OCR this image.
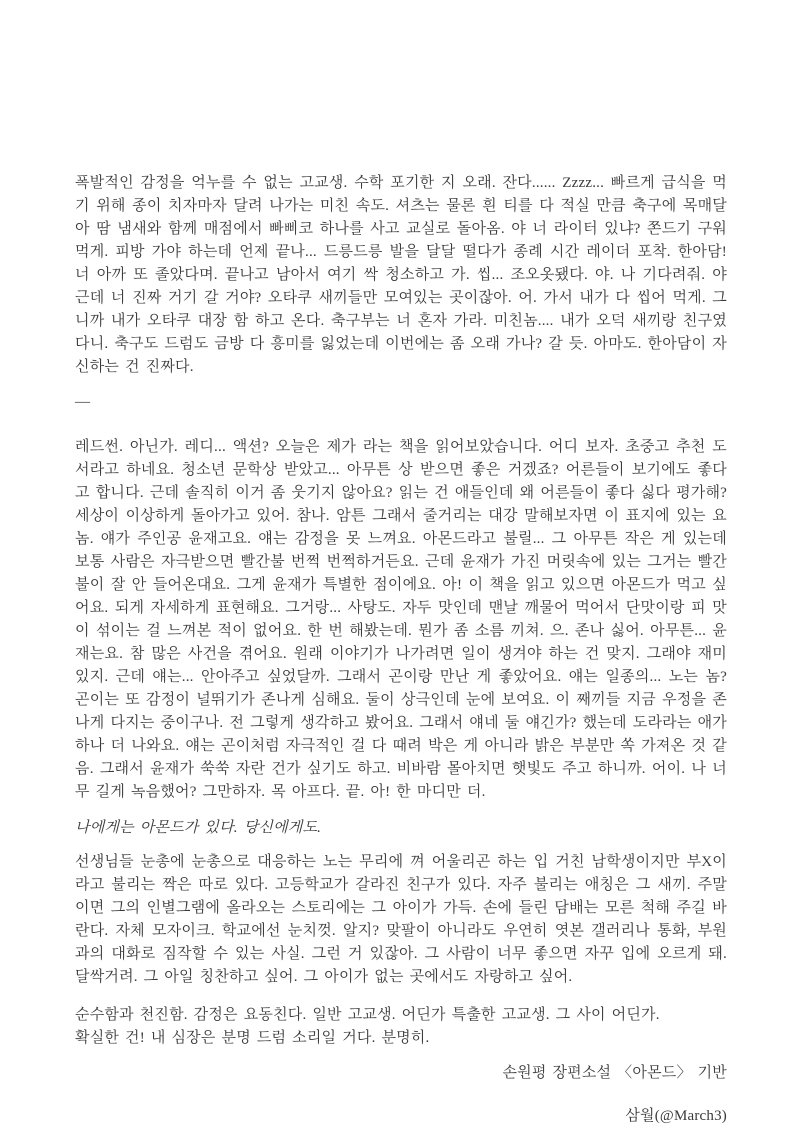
폭발적인 감정을 억누를 수 없는 고교생. 수학 포기한 지 오래. 잔다...... Zzzz... 빠르게 급식을 먹기 위해 종이 치자마자 달려 나가는 미친 속도. 셔츠는 물론 흰 티를 다 적실 만큼 축구에 목매달아 땀 냄새와 함께 매점에서 빠삐코 하나를 사고 교실로 돌아옴. 야 너 라이터 있냐? 쫀드기 구워 먹게. 피방 가야 하는데 언제 끝나... 드릉드릉 발을 달달 떨다가 종례 시간 레이더 포착. 한아담! 너 아까 또 졸았다며. 끝나고 남아서 여기 싹 청소하고 가. 씹... 조오옷됐다. 야. 나 기다려줘. 야 근데 너 진짜 거기 갈 거야? 오타쿠 새끼들만 모여있는 곳이잖아. 어. 가서 내가 다 씹어 먹게. 그니까 내가 오타쿠 대장 함 하고 온다. 축구부는 너 혼자 가라. 미친놈.... 내가 오덕 새끼랑 친구였다니. 축구도 드럼도 금방 다 흥미를 잃었는데 이번에는 좀 오래 가나? 갈 듯. 아마도. 한아담이 자신하는 건 진짜다.

—

레드썬. 아닌가. 레디... 액션? 오늘은 제가 라는 책을 읽어보았습니다. 어디 보자. 초중고 추천 도서라고 하네요. 청소년 문학상 받았고... 아무튼 상 받으면 좋은 거겠죠? 어른들이 보기에도 좋다고 합니다. 근데 솔직히 이거 좀 웃기지 않아요? 읽는 건 애들인데 왜 어른들이 좋다 싫다 평가해? 세상이 이상하게 돌아가고 있어. 참나. 암튼 그래서 줄거리는 대강 말해보자면 이 표지에 있는 요놈. 얘가 주인공 윤재고요. 얘는 감정을 못 느껴요. 아몬드라고 불릴... 그 아무튼 작은 게 있는데 보통 사람은 자극받으면 빨간불 번쩍 번쩍하거든요. 근데 윤재가 가진 머릿속에 있는 그거는 빨간불이 잘 안 들어온대요. 그게 윤재가 특별한 점이에요. 아! 이 책을 읽고 있으면 아몬드가 먹고 싶어요. 되게 자세하게 표현해요. 그거랑... 사탕도. 자두 맛인데 맨날 깨물어 먹어서 단맛이랑 피 맛이 섞이는 걸 느껴본 적이 없어요. 한 번 해봤는데. 뭔가 좀 소름 끼쳐. 으. 존나 싫어. 아무튼... 윤재는요. 참 많은 사건을 겪어요. 원래 이야기가 나가려면 일이 생겨야 하는 건 맞지. 그래야 재미있지. 근데 얘는... 안아주고 싶었달까. 그래서 곤이랑 만난 게 좋았어요. 얘는 일종의... 노는 놈? 곤이는 또 감정이 널뛰기가 존나게 심해요. 둘이 상극인데 눈에 보여요. 이 째끼들 지금 우정을 존나게 다지는 중이구나. 전 그렇게 생각하고 봤어요. 그래서 얘네 둘 얘긴가? 했는데 도라라는 애가 하나 더 나와요. 얘는 곤이처럼 자극적인 걸 다 때려 박은 게 아니라 밝은 부분만 쏙 가져온 것 같음. 그래서 윤재가 쑥쑥 자란 건가 싶기도 하고. 비바람 몰아치면 햇빛도 주고 하니까. 어이. 나 너무 길게 녹음했어? 그만하자. 목 아프다. 끝. 아! 한 마디만 더.

나에게는 아몬드가 있다. 당신에게도.

선생님들 눈총에 눈총으로 대응하는 노는 무리에 껴 어울리곤 하는 입 거친 남학생이지만 부X이라고 불리는 짝은 따로 있다. 고등학교가 갈라진 친구가 있다. 자주 불리는 애칭은 그 새끼. 주말이면 그의 인별그램에 올라오는 스토리에는 그 아이가 가득. 손에 들린 담배는 모른 척해 주길 바란다. 자체 모자이크. 학교에선 눈치껏. 알지? 맞팔이 아니라도 우연히 엿본 갤러리나 통화, 부원과의 대화로 짐작할 수 있는 사실. 그런 거 있잖아. 그 사람이 너무 좋으면 자꾸 입에 오르게 돼. 달싹거려. 그 아일 칭찬하고 싶어. 그 아이가 없는 곳에서도 자랑하고 싶어.

순수함과 천진함. 감정은 요동친다. 일반 고교생. 어딘가 특출한 고교생. 그 사이 어딘가.

확실한 건! 내 심장은 분명 드럼 소리일 거다. 분명히.

손원평 장편소설 〈아몬드〉 기반

삼월(@March3)
